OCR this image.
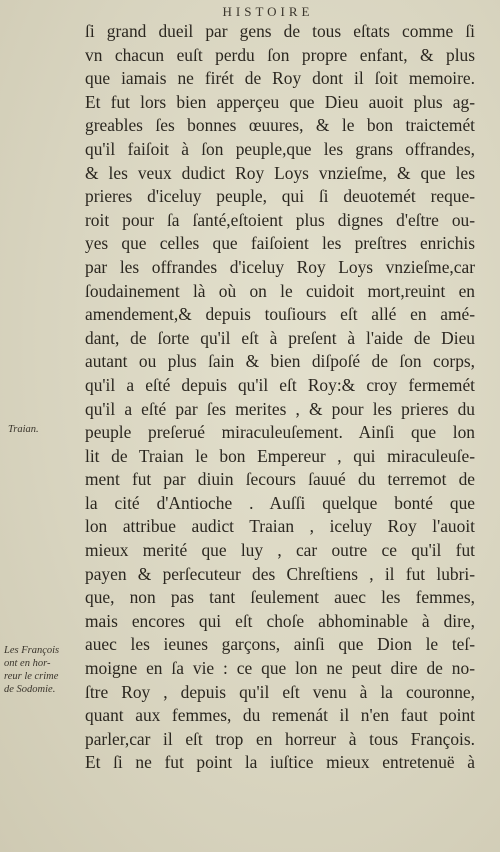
HISTOIRE
ſi grand dueil par gens de tous eſtats comme ſi
vn chacun euſt perdu ſon propre enfant, & plus
que iamais ne firét de Roy dont il ſoit memoire.
Et fut lors bien apperçeu que Dieu auoit plus ag-
greables ſes bonnes œuures, & le bon traictemét
qu'il faiſoit à ſon peuple,que les grans offrandes,
& les veux dudict Roy Loys vnzieſme, & que les
prieres d'iceluy peuple, qui ſi deuotemét reque-
roit pour ſa ſanté,eſtoient plus dignes d'eſtre ou-
yes que celles que faiſoient les preſtres enrichis
par les offrandes d'iceluy Roy Loys vnzieſme,car
ſoudainement là où on le cuidoit mort,reuint en
amendement,& depuis touſiours eſt allé en amé-
dant, de ſorte qu'il eſt à preſent à l'aide de Dieu
autant ou plus ſain & bien diſpoſé de ſon corps,
qu'il a eſté depuis qu'il eſt Roy:& croy fermemét
qu'il a eſté par ſes merites , & pour les prieres du
peuple preſerué miraculeuſement. Ainſi que lon
lit de Traian le bon Empereur , qui miraculeuſe-
ment fut par diuin ſecours ſauué du terremot de
la cité d'Antioche . Auſſi quelque bonté que
lon attribue audict Traian , iceluy Roy l'auoit
mieux merité que luy , car outre ce qu'il fut
payen & perſecuteur des Chreſtiens , il fut lubri-
que, non pas tant ſeulement auec les femmes,
mais encores qui eſt choſe abhominable à dire,
auec les ieunes garçons, ainſi que Dion le teſ-
moigne en ſa vie : ce que lon ne peut dire de no-
ſtre Roy , depuis qu'il eſt venu à la couronne,
quant aux femmes, du remenát il n'en faut point
parler,car il eſt trop en horreur à tous François.
Et ſi ne fut point la iuſtice mieux entretenuë à
Traian.
Les François
ont en hor-
reur le crime
de Sodomie.
